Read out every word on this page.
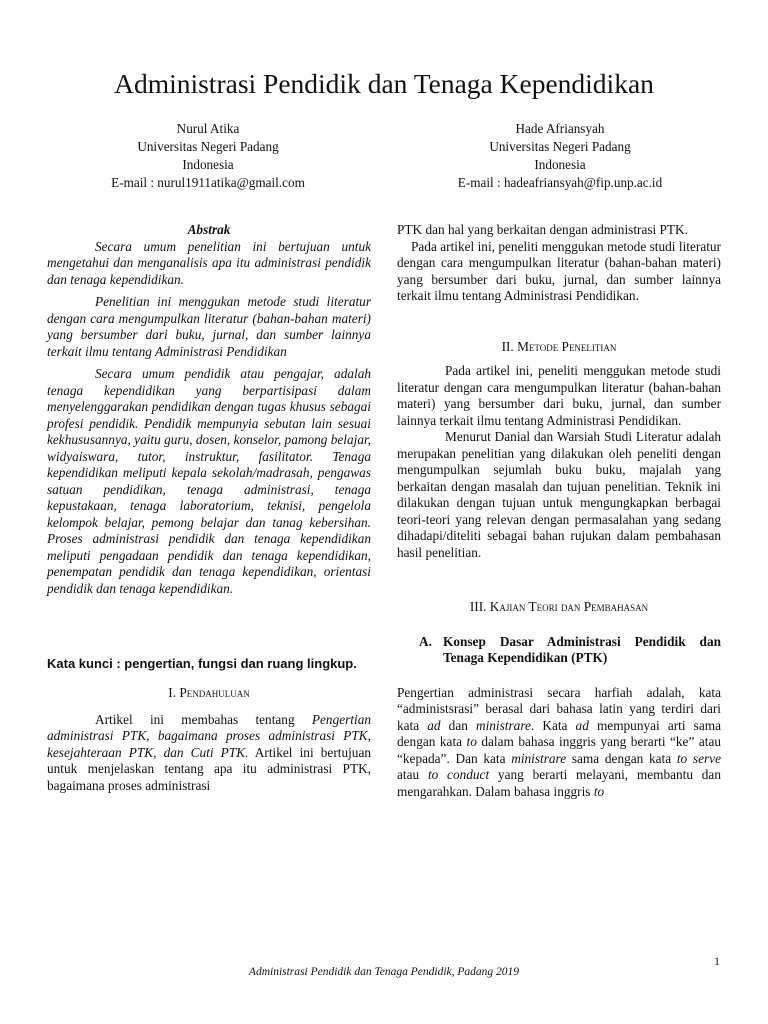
Administrasi Pendidik dan Tenaga Kependidikan
Nurul Atika
Universitas Negeri Padang
Indonesia
E-mail : nurul1911atika@gmail.com
Hade Afriansyah
Universitas Negeri Padang
Indonesia
E-mail : hadeafriansyah@fip.unp.ac.id

Abstrak

Secara umum penelitian ini bertujuan untuk mengetahui dan menganalisis apa itu administrasi pendidik dan tenaga kependidikan.

Penelitian ini menggukan metode studi literatur dengan cara mengumpulkan literatur (bahan-bahan materi) yang bersumber dari buku, jurnal, dan sumber lainnya terkait ilmu tentang Administrasi Pendidikan

Secara umum pendidik atau pengajar, adalah tenaga kependidikan yang berpartisipasi dalam menyelenggarakan pendidikan dengan tugas khusus sebagai profesi pendidik. Pendidik mempunyia sebutan lain sesuai kekhususannya, yaitu guru, dosen, konselor, pamong belajar, widyaiswara, tutor, instruktur, fasilitator. Tenaga kependidikan meliputi kepala sekolah/madrasah, pengawas satuan pendidikan, tenaga administrasi, tenaga kepustakaan, tenaga laboratorium, teknisi, pengelola kelompok belajar, pemong belajar dan tanag kebersihan. Proses administrasi pendidik dan tenaga kependidikan meliputi pengadaan pendidik dan tenaga kependidikan, penempatan pendidik dan tenaga kependidikan, orientasi pendidik dan tenaga kependidikan.

Kata kunci : pengertian, fungsi dan ruang lingkup.

I. Pendahuluan

Artikel ini membahas tentang Pengertian administrasi PTK, bagaimana proses administrasi PTK, kesejahteraan PTK, dan Cuti PTK. Artikel ini bertujuan untuk menjelaskan tentang apa itu administrasi PTK, bagaimana proses administrasi

PTK dan hal yang berkaitan dengan administrasi PTK.

Pada artikel ini, peneliti menggukan metode studi literatur dengan cara mengumpulkan literatur (bahan-bahan materi) yang bersumber dari buku, jurnal, dan sumber lainnya terkait ilmu tentang Administrasi Pendidikan.

II. Metode Penelitian

Pada artikel ini, peneliti menggukan metode studi literatur dengan cara mengumpulkan literatur (bahan-bahan materi) yang bersumber dari buku, jurnal, dan sumber lainnya terkait ilmu tentang Administrasi Pendidikan.

Menurut Danial dan Warsiah Studi Literatur adalah merupakan penelitian yang dilakukan oleh peneliti dengan mengumpulkan sejumlah buku buku, majalah yang berkaitan dengan masalah dan tujuan penelitian. Teknik ini dilakukan dengan tujuan untuk mengungkapkan berbagai teori-teori yang relevan dengan permasalahan yang sedang dihadapi/diteliti sebagai bahan rujukan dalam pembahasan hasil penelitian.

III. Kajian Teori dan Pembahasan

A. Konsep Dasar Administrasi Pendidik dan Tenaga Kependidikan (PTK)

Pengertian administrasi secara harfiah adalah, kata “administsrasi” berasal dari bahasa latin yang terdiri dari kata ad dan ministrare. Kata ad mempunyai arti sama dengan kata to dalam bahasa inggris yang berarti “ke” atau “kepada”. Dan kata ministrare sama dengan kata to serve atau to conduct yang berarti melayani, membantu dan mengarahkan. Dalam bahasa inggris to

1
Administrasi Pendidik dan Tenaga Pendidik, Padang 2019
